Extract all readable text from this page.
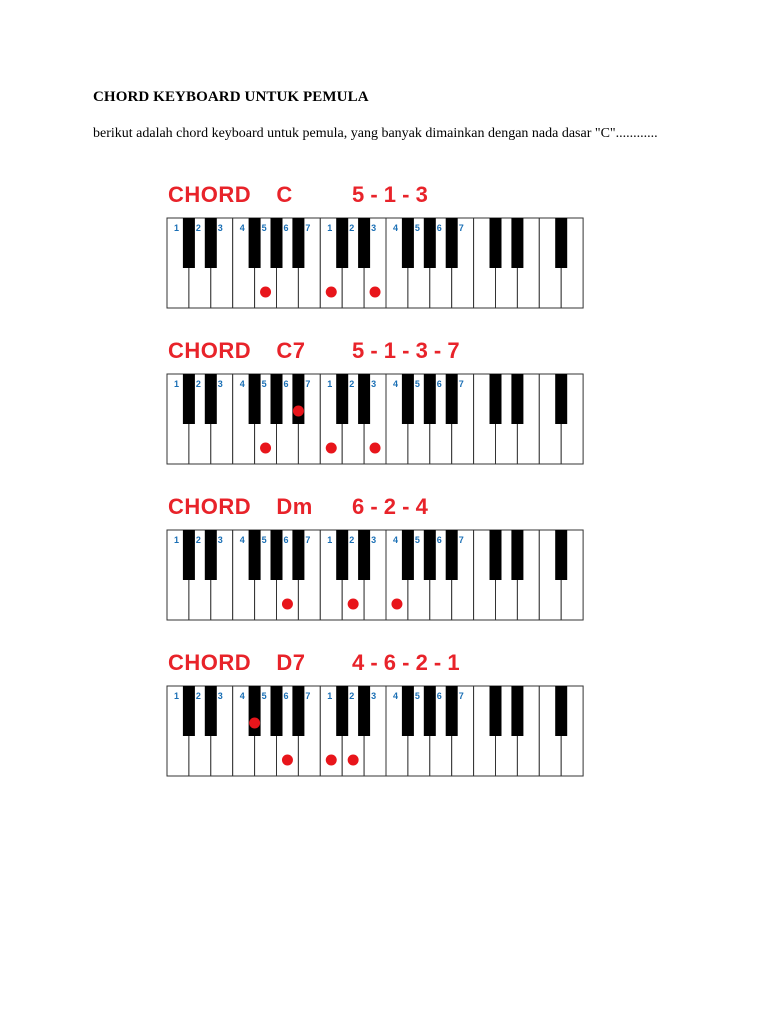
CHORD KEYBOARD UNTUK PEMULA
berikut adalah chord keyboard untuk pemula, yang banyak dimainkan dengan nada dasar "C"............
CHORD  C	5 - 1 - 3
1 2 3 4 5 6 7 1 2 3 4 5 6 7
CHORD  C7 5 - 1 - 3 - 7
1 2 3 4 5 6 7 1 2 3 4 5 6 7
CHORD  Dm 6 - 2 - 4
1 2 3 4 5 6 7 1 2 3 4 5 6 7
CHORD  D7 4 - 6 - 2 - 1
1 2 3 4 5 6 7 1 2 3 4 5 6 7
